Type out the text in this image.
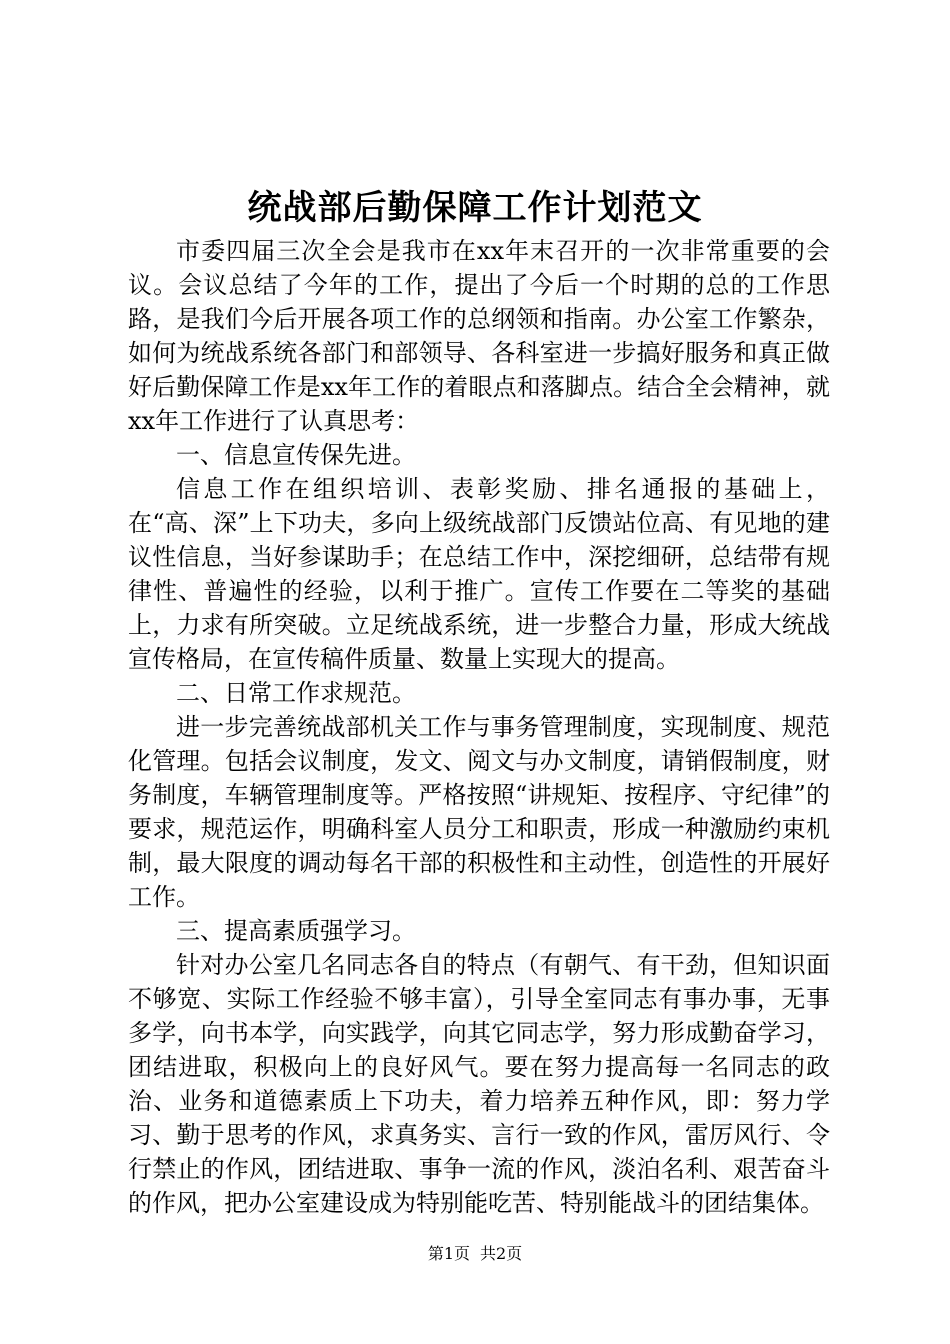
统战部后勤保障工作计划范文

市委四届三次全会是我市在xx年末召开的一次非常重要的会议。会议总结了今年的工作，提出了今后一个时期的总的工作思路，是我们今后开展各项工作的总纲领和指南。办公室工作繁杂，如何为统战系统各部门和部领导、各科室进一步搞好服务和真正做好后勤保障工作是xx年工作的着眼点和落脚点。结合全会精神，就xx年工作进行了认真思考：

一、信息宣传保先进。

信息工作在组织培训、表彰奖励、排名通报的基础上，在“高、深”上下功夫，多向上级统战部门反馈站位高、有见地的建议性信息，当好参谋助手；在总结工作中，深挖细研，总结带有规律性、普遍性的经验，以利于推广。宣传工作要在二等奖的基础上，力求有所突破。立足统战系统，进一步整合力量，形成大统战宣传格局，在宣传稿件质量、数量上实现大的提高。

二、日常工作求规范。

进一步完善统战部机关工作与事务管理制度，实现制度、规范化管理。包括会议制度，发文、阅文与办文制度，请销假制度，财务制度，车辆管理制度等。严格按照“讲规矩、按程序、守纪律”的要求，规范运作，明确科室人员分工和职责，形成一种激励约束机制，最大限度的调动每名干部的积极性和主动性，创造性的开展好工作。

三、提高素质强学习。

针对办公室几名同志各自的特点（有朝气、有干劲，但知识面不够宽、实际工作经验不够丰富），引导全室同志有事办事，无事多学，向书本学，向实践学，向其它同志学，努力形成勤奋学习，团结进取，积极向上的良好风气。要在努力提高每一名同志的政治、业务和道德素质上下功夫，着力培养五种作风，即：努力学习、勤于思考的作风，求真务实、言行一致的作风，雷厉风行、令行禁止的作风，团结进取、事争一流的作风，淡泊名利、艰苦奋斗的作风，把办公室建设成为特别能吃苦、特别能战斗的团结集体。

第1页 共2页
